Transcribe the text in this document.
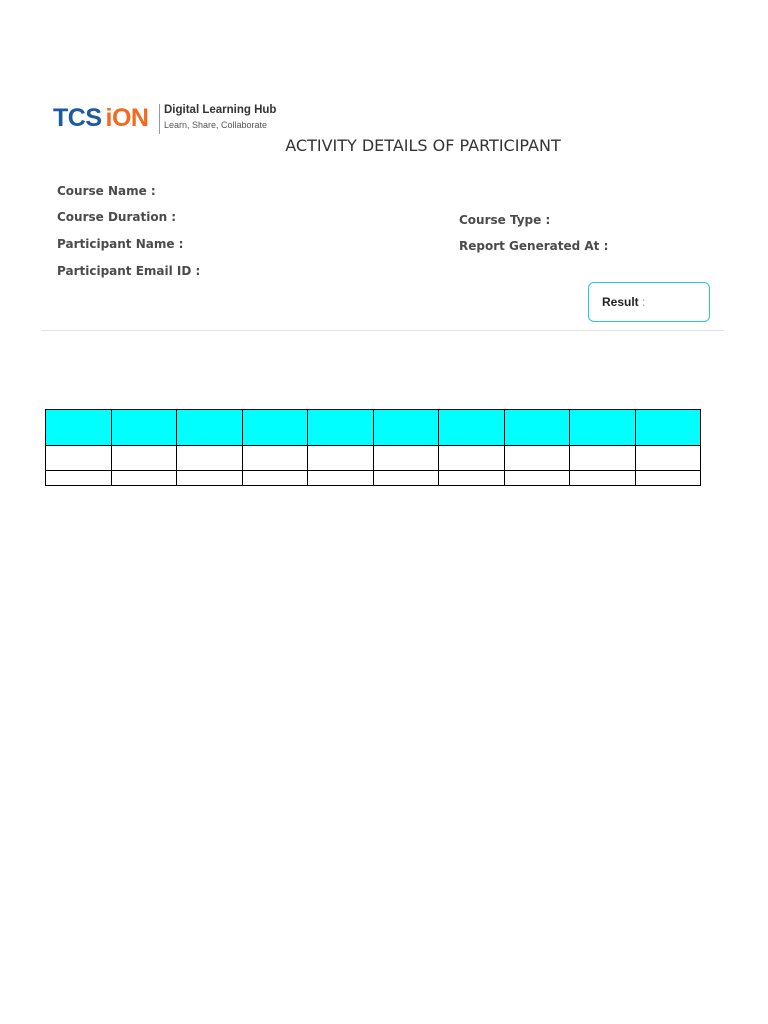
TCS iON Digital Learning Hub
Learn, Share, Collaborate
ACTIVITY DETAILS OF PARTICIPANT
Course Name :
Course Duration :
Participant Name :
Participant Email ID :
Course Type :
Report Generated At :
Result :
